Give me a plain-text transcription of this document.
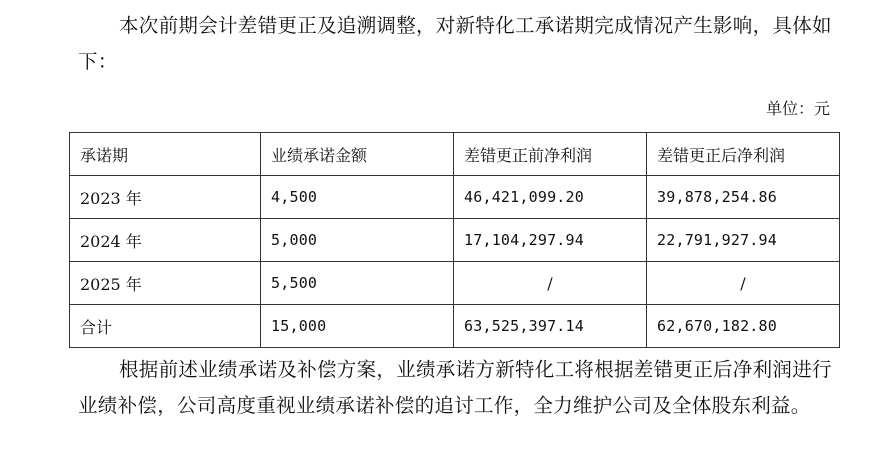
本次前期会计差错更正及追溯调整，对新特化工承诺期完成情况产生影响，具体如下：

单位：元
承诺期	业绩承诺金额	差错更正前净利润	差错更正后净利润
2023 年	4,500	46,421,099.20	39,878,254.86
2024 年	5,000	17,104,297.94	22,791,927.94
2025 年	5,500	/	/
合计	15,000	63,525,397.14	62,670,182.80

根据前述业绩承诺及补偿方案，业绩承诺方新特化工将根据差错更正后净利润进行业绩补偿，公司高度重视业绩承诺补偿的追讨工作，全力维护公司及全体股东利益。
